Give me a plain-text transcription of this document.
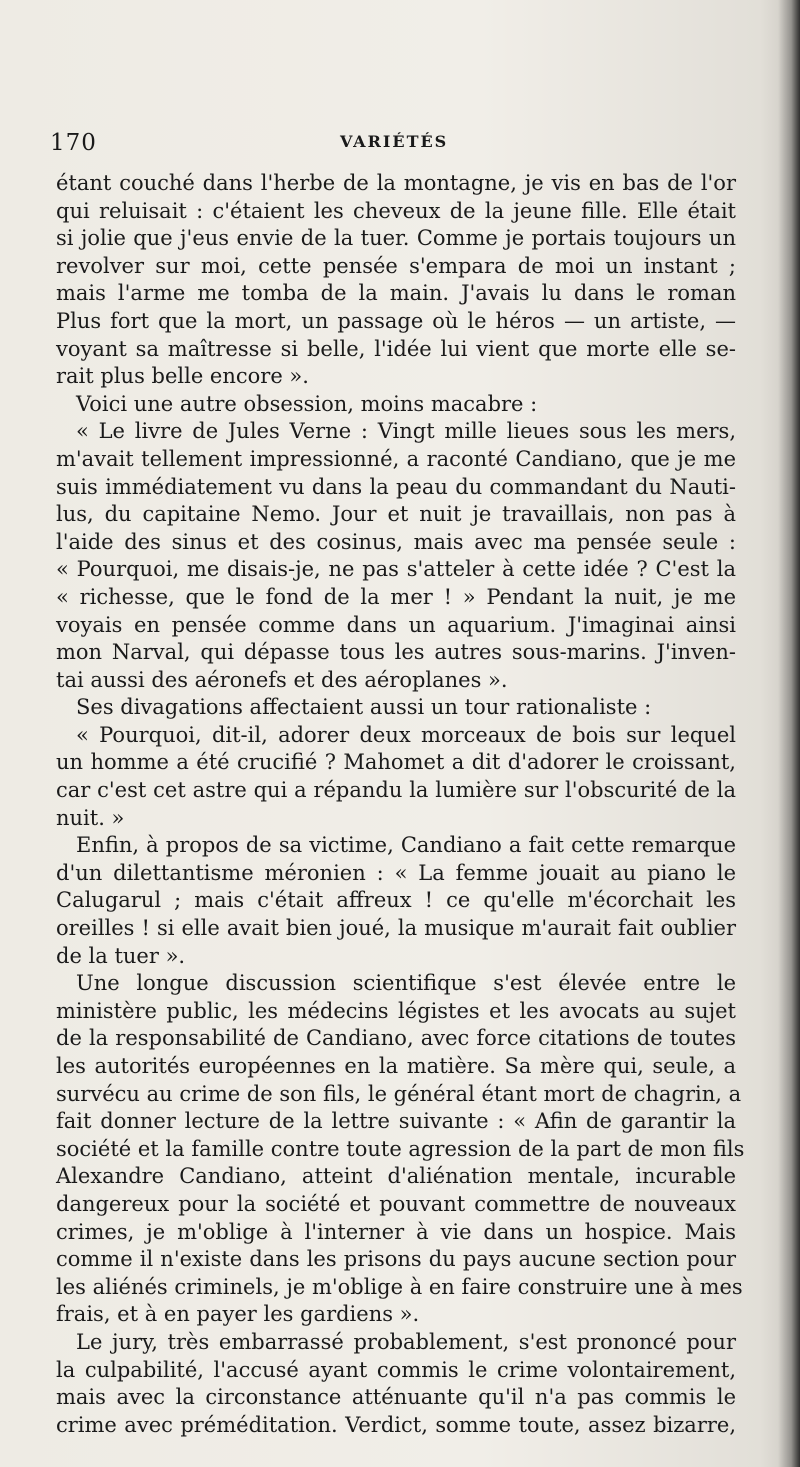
170	VARIÉTÉS
étant couché dans l'herbe de la montagne, je vis en bas de l'or
qui reluisait : c'étaient les cheveux de la jeune fille. Elle était
si jolie que j'eus envie de la tuer. Comme je portais toujours un
revolver sur moi, cette pensée s'empara de moi un instant ;
mais l'arme me tomba de la main. J'avais lu dans le roman
Plus fort que la mort, un passage où le héros — un artiste, —
voyant sa maîtresse si belle, l'idée lui vient que morte elle se-
rait plus belle encore ».
Voici une autre obsession, moins macabre :
« Le livre de Jules Verne : Vingt mille lieues sous les mers,
m'avait tellement impressionné, a raconté Candiano, que je me
suis immédiatement vu dans la peau du commandant du Nauti-
lus, du capitaine Nemo. Jour et nuit je travaillais, non pas à
l'aide des sinus et des cosinus, mais avec ma pensée seule :
« Pourquoi, me disais-je, ne pas s'atteler à cette idée ? C'est la
« richesse, que le fond de la mer ! » Pendant la nuit, je me
voyais en pensée comme dans un aquarium. J'imaginai ainsi
mon Narval, qui dépasse tous les autres sous-marins. J'inven-
tai aussi des aéronefs et des aéroplanes ».
Ses divagations affectaient aussi un tour rationaliste :
« Pourquoi, dit-il, adorer deux morceaux de bois sur lequel
un homme a été crucifié ? Mahomet a dit d'adorer le croissant,
car c'est cet astre qui a répandu la lumière sur l'obscurité de la
nuit. »
Enfin, à propos de sa victime, Candiano a fait cette remarque
d'un dilettantisme méronien : « La femme jouait au piano le
Calugarul ; mais c'était affreux ! ce qu'elle m'écorchait les
oreilles ! si elle avait bien joué, la musique m'aurait fait oublier
de la tuer ».
Une longue discussion scientifique s'est élevée entre le
ministère public, les médecins légistes et les avocats au sujet
de la responsabilité de Candiano, avec force citations de toutes
les autorités européennes en la matière. Sa mère qui, seule, a
survécu au crime de son fils, le général étant mort de chagrin, a
fait donner lecture de la lettre suivante : « Afin de garantir la
société et la famille contre toute agression de la part de mon fils
Alexandre Candiano, atteint d'aliénation mentale, incurable
dangereux pour la société et pouvant commettre de nouveaux
crimes, je m'oblige à l'interner à vie dans un hospice. Mais
comme il n'existe dans les prisons du pays aucune section pour
les aliénés criminels, je m'oblige à en faire construire une à mes
frais, et à en payer les gardiens ».
Le jury, très embarrassé probablement, s'est prononcé pour
la culpabilité, l'accusé ayant commis le crime volontairement,
mais avec la circonstance atténuante qu'il n'a pas commis le
crime avec préméditation. Verdict, somme toute, assez bizarre,
